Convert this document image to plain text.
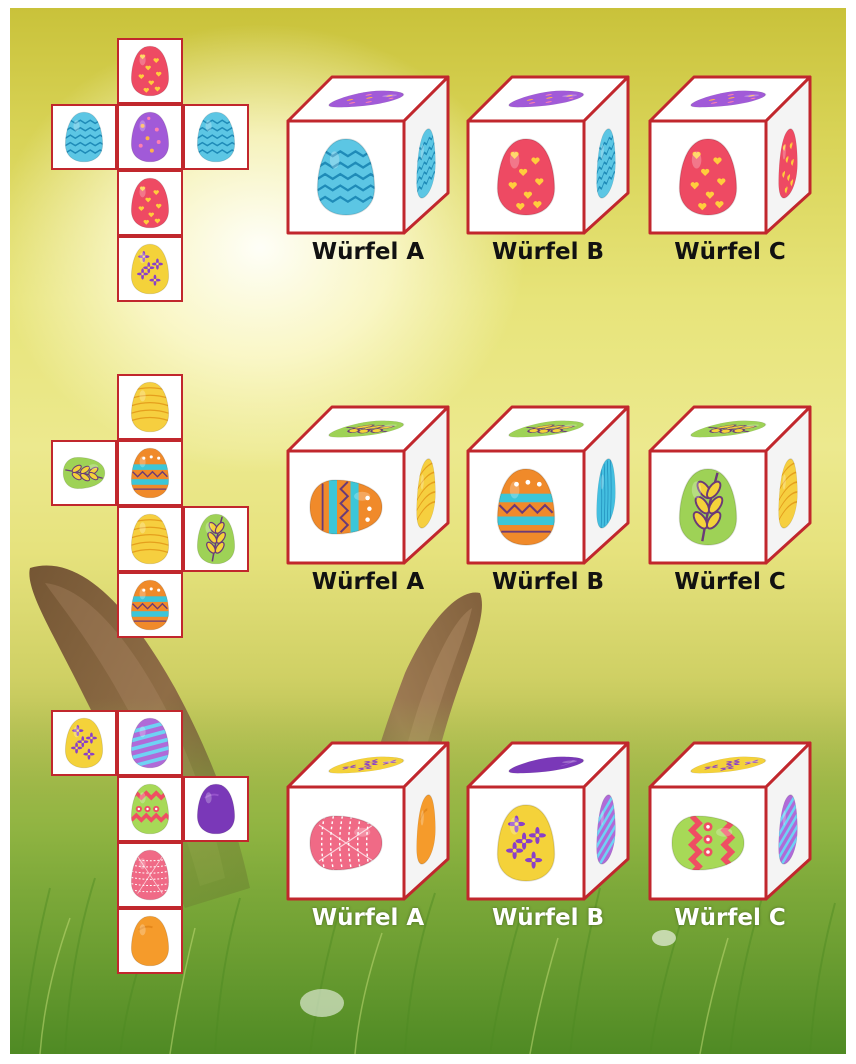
Würfel A	Würfel B	Würfel C
Würfel A	Würfel B	Würfel C
Würfel A	Würfel B	Würfel C
